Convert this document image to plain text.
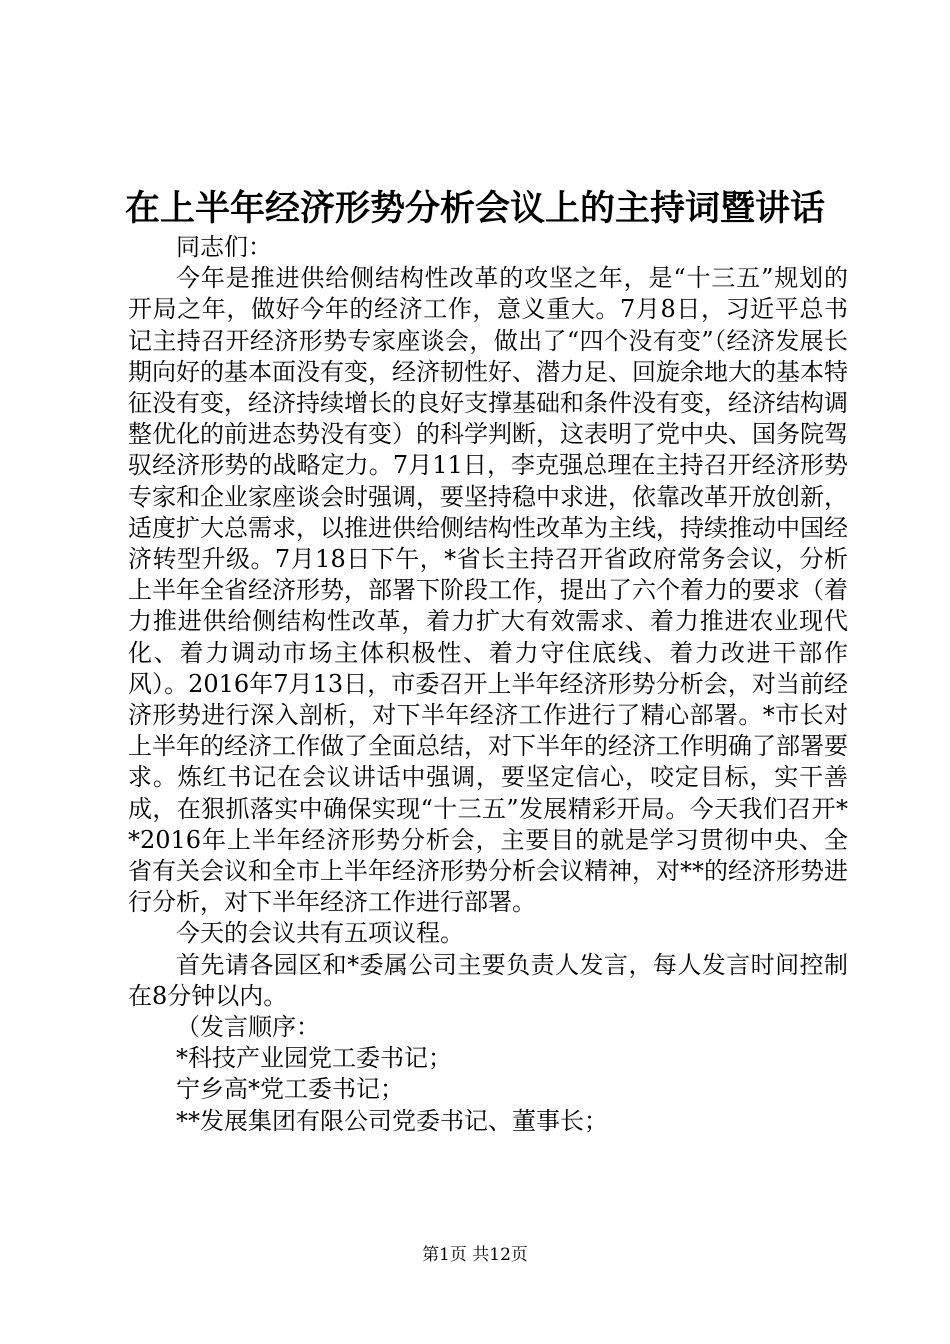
在上半年经济形势分析会议上的主持词暨讲话

同志们：

今年是推进供给侧结构性改革的攻坚之年，是“十三五”规划的开局之年，做好今年的经济工作，意义重大。7月8日，习近平总书记主持召开经济形势专家座谈会，做出了“四个没有变”（经济发展长期向好的基本面没有变，经济韧性好、潜力足、回旋余地大的基本特征没有变，经济持续增长的良好支撑基础和条件没有变，经济结构调整优化的前进态势没有变）的科学判断，这表明了党中央、国务院驾驭经济形势的战略定力。7月11日，李克强总理在主持召开经济形势专家和企业家座谈会时强调，要坚持稳中求进，依靠改革开放创新，适度扩大总需求，以推进供给侧结构性改革为主线，持续推动中国经济转型升级。7月18日下午，*省长主持召开省政府常务会议，分析上半年全省经济形势，部署下阶段工作，提出了六个着力的要求（着力推进供给侧结构性改革，着力扩大有效需求、着力推进农业现代化、着力调动市场主体积极性、着力守住底线、着力改进干部作风）。2016年7月13日，市委召开上半年经济形势分析会，对当前经济形势进行深入剖析，对下半年经济工作进行了精心部署。*市长对上半年的经济工作做了全面总结，对下半年的经济工作明确了部署要求。炼红书记在会议讲话中强调，要坚定信心，咬定目标，实干善成，在狠抓落实中确保实现“十三五”发展精彩开局。今天我们召开**2016年上半年经济形势分析会，主要目的就是学习贯彻中央、全省有关会议和全市上半年经济形势分析会议精神，对**的经济形势进行分析，对下半年经济工作进行部署。

今天的会议共有五项议程。

首先请各园区和*委属公司主要负责人发言，每人发言时间控制在8分钟以内。

（发言顺序：

*科技产业园党工委书记；

宁乡高*党工委书记；

**发展集团有限公司党委书记、董事长；

第1页 共12页
